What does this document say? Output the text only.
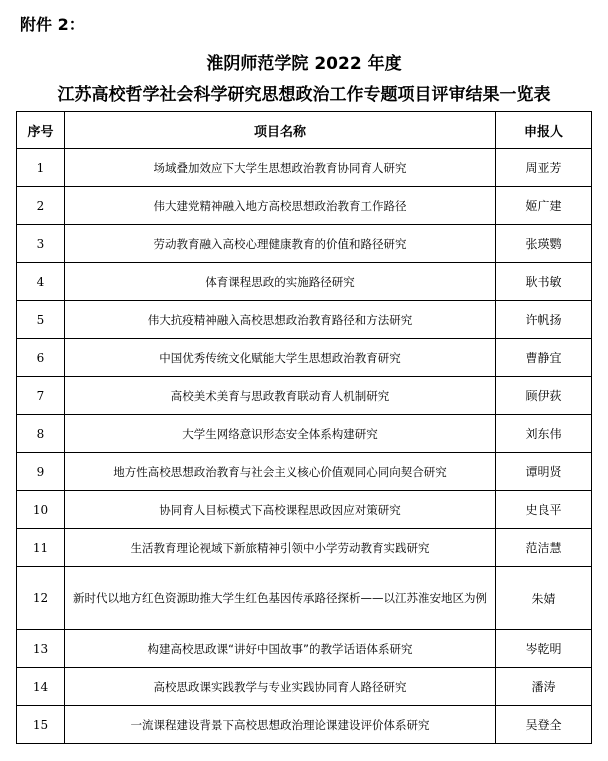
附件 2：
淮阴师范学院 2022 年度
江苏高校哲学社会科学研究思想政治工作专题项目评审结果一览表
序号	项目名称	申报人
1	场域叠加效应下大学生思想政治教育协同育人研究	周亚芳
2	伟大建党精神融入地方高校思想政治教育工作路径	姬广建
3	劳动教育融入高校心理健康教育的价值和路径研究	张瑛鹦
4	体育课程思政的实施路径研究	耿书敏
5	伟大抗疫精神融入高校思想政治教育路径和方法研究	许帆扬
6	中国优秀传统文化赋能大学生思想政治教育研究	曹静宜
7	高校美术美育与思政教育联动育人机制研究	顾伊荻
8	大学生网络意识形态安全体系构建研究	刘东伟
9	地方性高校思想政治教育与社会主义核心价值观同心同向契合研究	谭明贤
10	协同育人目标模式下高校课程思政因应对策研究	史良平
11	生活教育理论视域下新旅精神引领中小学劳动教育实践研究	范洁慧
12	新时代以地方红色资源助推大学生红色基因传承路径探析——以江苏淮安地区为例	朱婧
13	构建高校思政课“讲好中国故事”的教学话语体系研究	岑乾明
14	高校思政课实践教学与专业实践协同育人路径研究	潘涛
15	一流课程建设背景下高校思想政治理论课建设评价体系研究	吴登全
